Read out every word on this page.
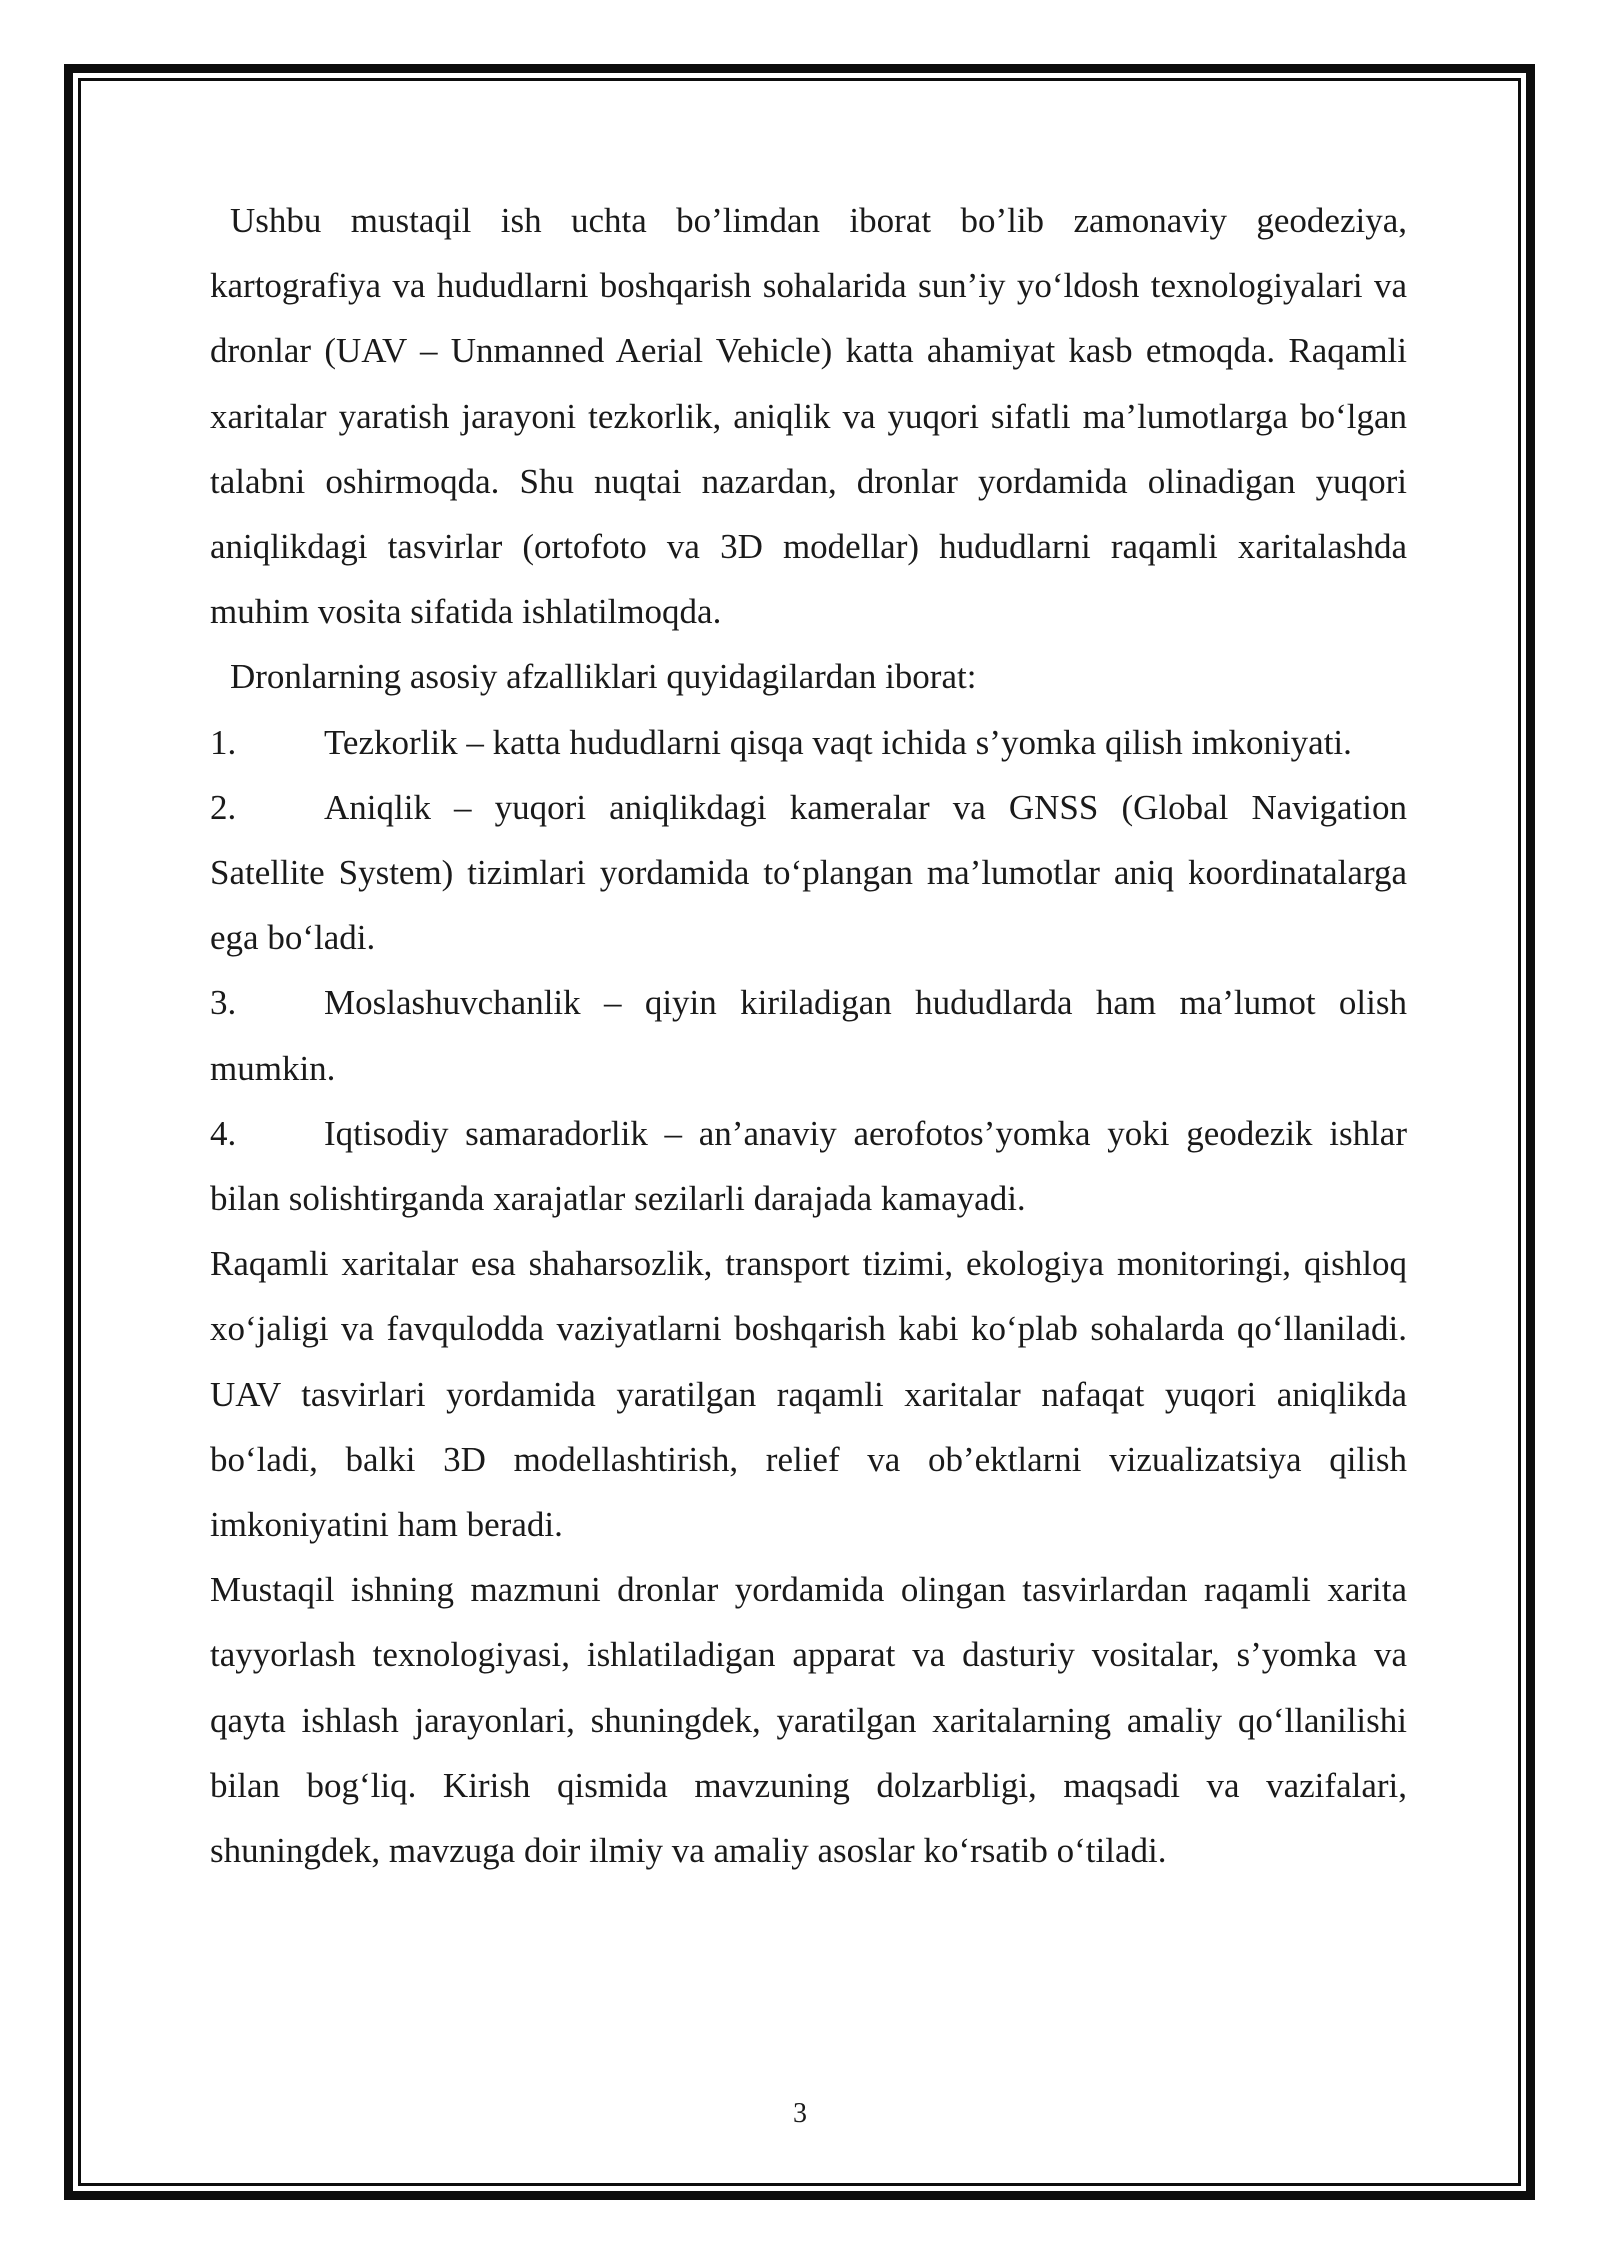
Ushbu mustaqil ish uchta bo’limdan iborat bo’lib zamonaviy geodeziya, kartografiya va hududlarni boshqarish sohalarida sun’iy yo‘ldosh texnologiyalari va dronlar (UAV – Unmanned Aerial Vehicle) katta ahamiyat kasb etmoqda. Raqamli xaritalar yaratish jarayoni tezkorlik, aniqlik va yuqori sifatli ma’lumotlarga bo‘lgan talabni oshirmoqda. Shu nuqtai nazardan, dronlar yordamida olinadigan yuqori aniqlikdagi tasvirlar (ortofoto va 3D modellar) hududlarni raqamli xaritalashda muhim vosita sifatida ishlatilmoqda.

Dronlarning asosiy afzalliklari quyidagilardan iborat:

1.	Tezkorlik – katta hududlarni qisqa vaqt ichida s’yomka qilish imkoniyati.

2.	Aniqlik – yuqori aniqlikdagi kameralar va GNSS (Global Navigation Satellite System) tizimlari yordamida to‘plangan ma’lumotlar aniq koordinatalarga ega bo‘ladi.

3.	Moslashuvchanlik – qiyin kiriladigan hududlarda ham ma’lumot olish mumkin.

4.	Iqtisodiy samaradorlik – an’anaviy aerofotos’yomka yoki geodezik ishlar bilan solishtirganda xarajatlar sezilarli darajada kamayadi.

Raqamli xaritalar esa shaharsozlik, transport tizimi, ekologiya monitoringi, qishloq xo‘jaligi va favqulodda vaziyatlarni boshqarish kabi ko‘plab sohalarda qo‘llaniladi. UAV tasvirlari yordamida yaratilgan raqamli xaritalar nafaqat yuqori aniqlikda bo‘ladi, balki 3D modellashtirish, relief va ob’ektlarni vizualizatsiya qilish imkoniyatini ham beradi.

Mustaqil ishning mazmuni dronlar yordamida olingan tasvirlardan raqamli xarita tayyorlash texnologiyasi, ishlatiladigan apparat va dasturiy vositalar, s’yomka va qayta ishlash jarayonlari, shuningdek, yaratilgan xaritalarning amaliy qo‘llanilishi bilan bog‘liq. Kirish qismida mavzuning dolzarbligi, maqsadi va vazifalari, shuningdek, mavzuga doir ilmiy va amaliy asoslar ko‘rsatib o‘tiladi.

3
